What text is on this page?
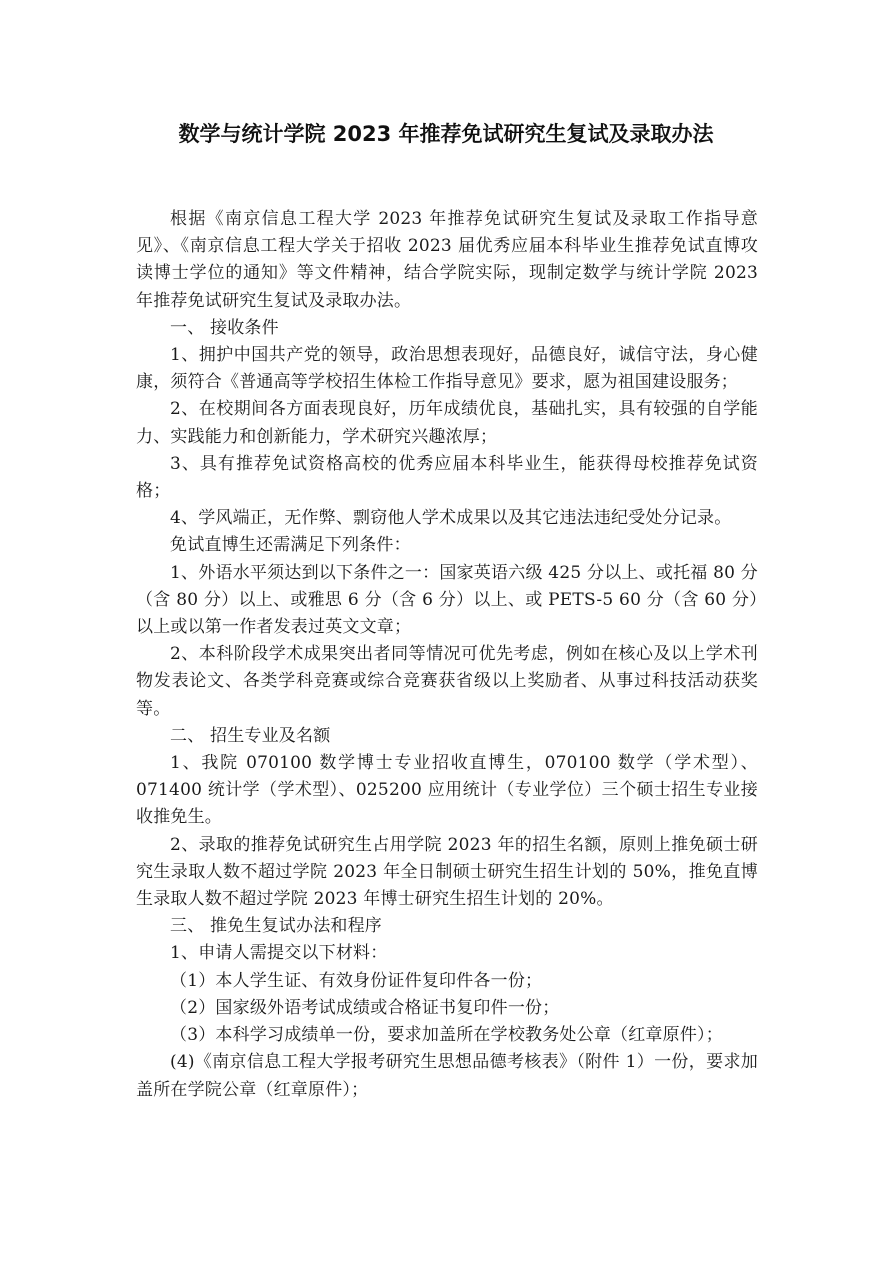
数学与统计学院 2023 年推荐免试研究生复试及录取办法

根据《南京信息工程大学 2023 年推荐免试研究生复试及录取工作指导意见》、《南京信息工程大学关于招收 2023 届优秀应届本科毕业生推荐免试直博攻读博士学位的通知》等文件精神，结合学院实际，现制定数学与统计学院 2023 年推荐免试研究生复试及录取办法。

一、 接收条件

1、拥护中国共产党的领导，政治思想表现好，品德良好，诚信守法，身心健康，须符合《普通高等学校招生体检工作指导意见》要求，愿为祖国建设服务；

2、在校期间各方面表现良好，历年成绩优良，基础扎实，具有较强的自学能力、实践能力和创新能力，学术研究兴趣浓厚；

3、具有推荐免试资格高校的优秀应届本科毕业生，能获得母校推荐免试资格；

4、学风端正，无作弊、剽窃他人学术成果以及其它违法违纪受处分记录。

免试直博生还需满足下列条件：

1、外语水平须达到以下条件之一：国家英语六级 425 分以上、或托福 80 分（含 80 分）以上、或雅思 6 分（含 6 分）以上、或 PETS-5 60 分（含 60 分）以上或以第一作者发表过英文文章；

2、本科阶段学术成果突出者同等情况可优先考虑，例如在核心及以上学术刊物发表论文、各类学科竞赛或综合竞赛获省级以上奖励者、从事过科技活动获奖等。

二、 招生专业及名额

1、我院 070100 数学博士专业招收直博生，070100 数学（学术型）、071400 统计学（学术型）、025200 应用统计（专业学位）三个硕士招生专业接收推免生。

2、录取的推荐免试研究生占用学院 2023 年的招生名额，原则上推免硕士研究生录取人数不超过学院 2023 年全日制硕士研究生招生计划的 50%，推免直博生录取人数不超过学院 2023 年博士研究生招生计划的 20%。

三、 推免生复试办法和程序

1、申请人需提交以下材料：

（1）本人学生证、有效身份证件复印件各一份；

（2）国家级外语考试成绩或合格证书复印件一份；

（3）本科学习成绩单一份，要求加盖所在学校教务处公章（红章原件）；

(4)《南京信息工程大学报考研究生思想品德考核表》（附件 1）一份，要求加盖所在学院公章（红章原件）；
